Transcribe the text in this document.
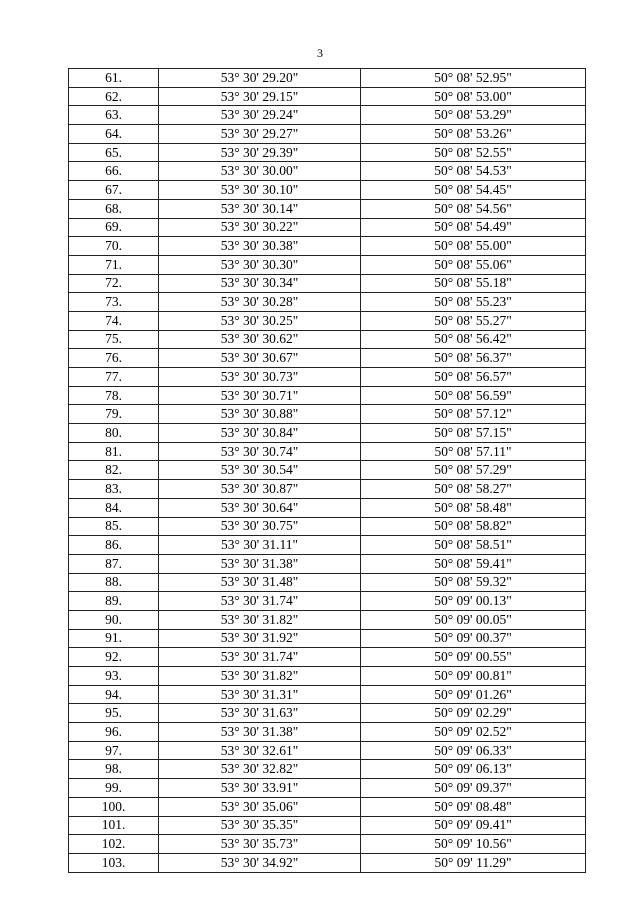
3
61.	53° 30' 29.20"	50° 08' 52.95"
62.	53° 30' 29.15"	50° 08' 53.00"
63.	53° 30' 29.24"	50° 08' 53.29"
64.	53° 30' 29.27"	50° 08' 53.26"
65.	53° 30' 29.39"	50° 08' 52.55"
66.	53° 30' 30.00"	50° 08' 54.53"
67.	53° 30' 30.10"	50° 08' 54.45"
68.	53° 30' 30.14"	50° 08' 54.56"
69.	53° 30' 30.22"	50° 08' 54.49"
70.	53° 30' 30.38"	50° 08' 55.00"
71.	53° 30' 30.30"	50° 08' 55.06"
72.	53° 30' 30.34"	50° 08' 55.18"
73.	53° 30' 30.28"	50° 08' 55.23"
74.	53° 30' 30.25"	50° 08' 55.27"
75.	53° 30' 30.62"	50° 08' 56.42"
76.	53° 30' 30.67"	50° 08' 56.37"
77.	53° 30' 30.73"	50° 08' 56.57"
78.	53° 30' 30.71"	50° 08' 56.59"
79.	53° 30' 30.88"	50° 08' 57.12"
80.	53° 30' 30.84"	50° 08' 57.15"
81.	53° 30' 30.74"	50° 08' 57.11"
82.	53° 30' 30.54"	50° 08' 57.29"
83.	53° 30' 30.87"	50° 08' 58.27"
84.	53° 30' 30.64"	50° 08' 58.48"
85.	53° 30' 30.75"	50° 08' 58.82"
86.	53° 30' 31.11"	50° 08' 58.51"
87.	53° 30' 31.38"	50° 08' 59.41"
88.	53° 30' 31.48"	50° 08' 59.32"
89.	53° 30' 31.74"	50° 09' 00.13"
90.	53° 30' 31.82"	50° 09' 00.05"
91.	53° 30' 31.92"	50° 09' 00.37"
92.	53° 30' 31.74"	50° 09' 00.55"
93.	53° 30' 31.82"	50° 09' 00.81"
94.	53° 30' 31.31"	50° 09' 01.26"
95.	53° 30' 31.63"	50° 09' 02.29"
96.	53° 30' 31.38"	50° 09' 02.52"
97.	53° 30' 32.61"	50° 09' 06.33"
98.	53° 30' 32.82"	50° 09' 06.13"
99.	53° 30' 33.91"	50° 09' 09.37"
100.	53° 30' 35.06"	50° 09' 08.48"
101.	53° 30' 35.35"	50° 09' 09.41"
102.	53° 30' 35.73"	50° 09' 10.56"
103.	53° 30' 34.92"	50° 09' 11.29"
